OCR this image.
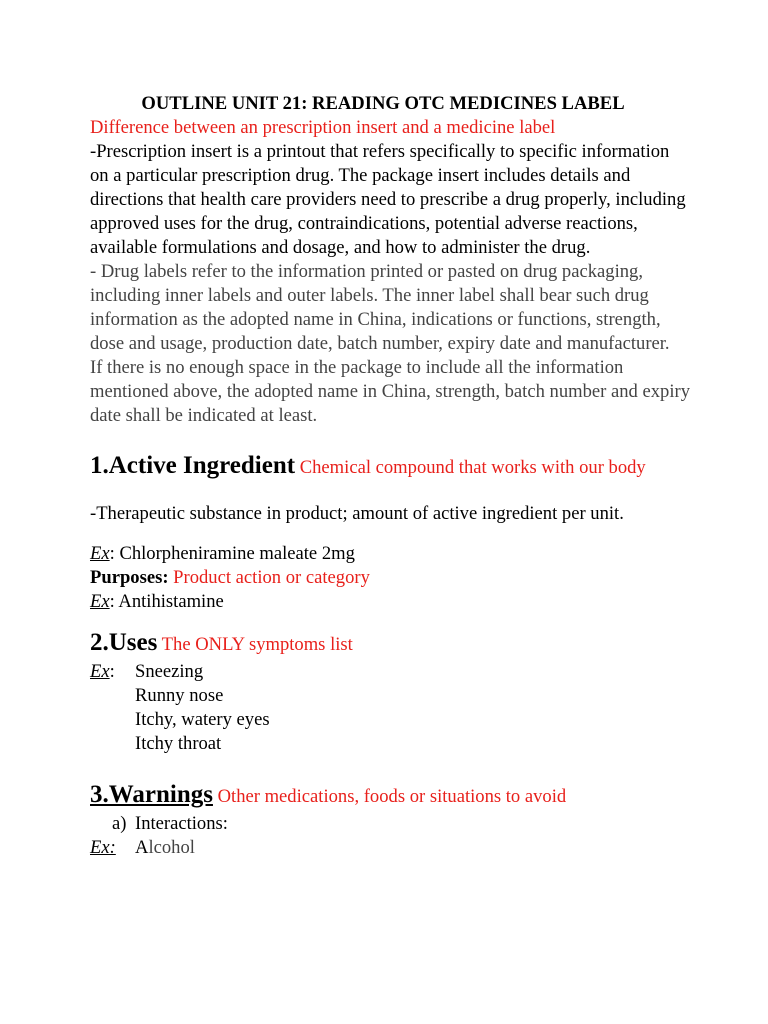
OUTLINE UNIT 21: READING OTC MEDICINES LABEL

Difference between an prescription insert and a medicine label

-Prescription insert is a printout that refers specifically to specific information on a particular prescription drug. The package insert includes details and directions that health care providers need to prescribe a drug properly, including approved uses for the drug, contraindications, potential adverse reactions, available formulations and dosage, and how to administer the drug.

- Drug labels refer to the information printed or pasted on drug packaging, including inner labels and outer labels. The inner label shall bear such drug information as the adopted name in China, indications or functions, strength, dose and usage, production date, batch number, expiry date and manufacturer.

If there is no enough space in the package to include all the information mentioned above, the adopted name in China, strength, batch number and expiry date shall be indicated at least.

1.Active Ingredient Chemical compound that works with our body

-Therapeutic substance in product; amount of active ingredient per unit.

Ex: Chlorpheniramine maleate 2mg

Purposes: Product action or category

Ex: Antihistamine

2.Uses The ONLY symptoms list

Ex:	Sneezing

Runny nose

Itchy, watery eyes

Itchy throat

3.Warnings Other medications, foods or situations to avoid

a) Interactions:

Ex:	Alcohol
